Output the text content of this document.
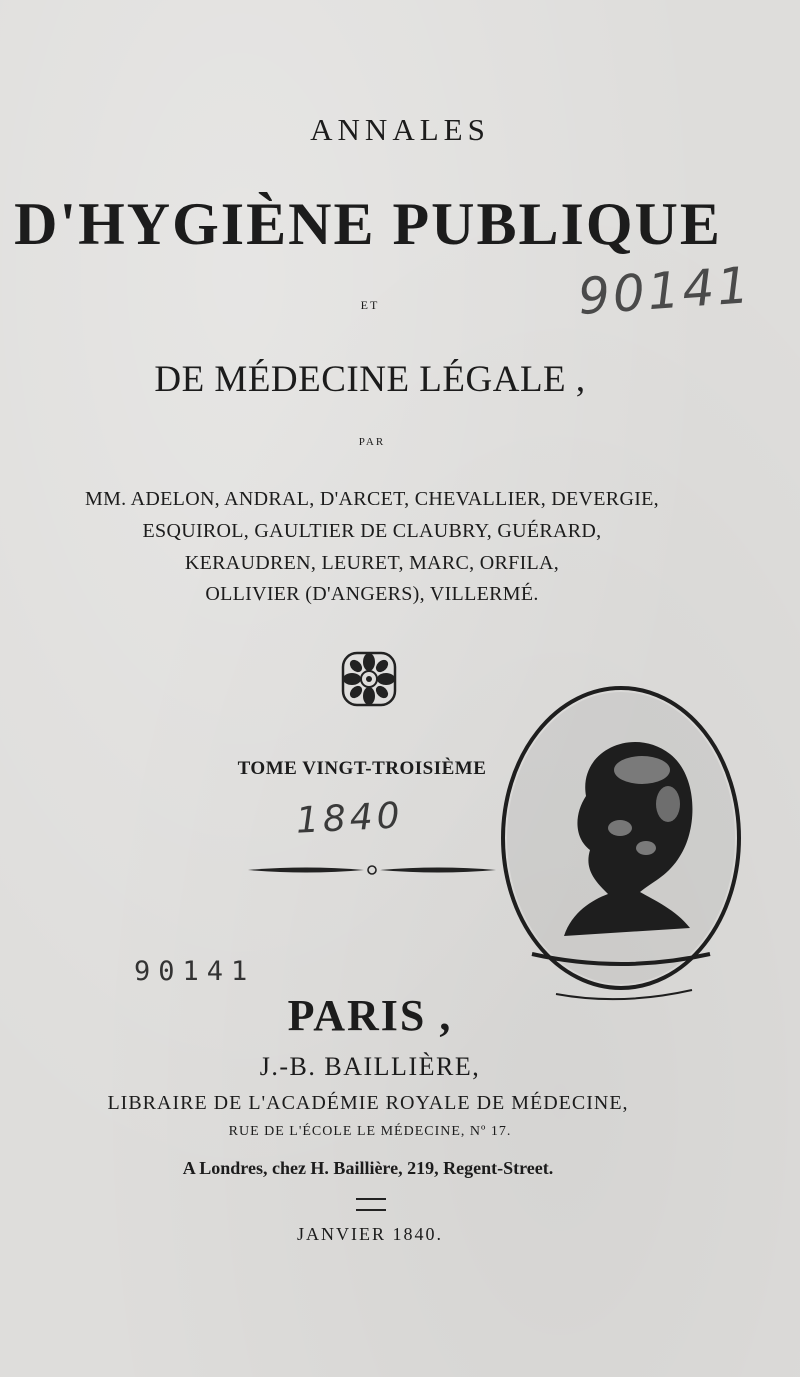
ANNALES
D'HYGIÈNE PUBLIQUE
90141
ET
DE MÉDECINE LÉGALE ,
PAR
MM. ADELON, ANDRAL, D'ARCET, CHEVALLIER, DEVERGIE,
ESQUIROL, GAULTIER DE CLAUBRY, GUÉRARD,
KERAUDREN, LEURET, MARC, ORFILA,
OLLIVIER (D'ANGERS), VILLERMÉ.
TOME VINGT-TROISIÈME
1840
90141
PARIS ,
J.-B. BAILLIÈRE,
LIBRAIRE DE L'ACADÉMIE ROYALE DE MÉDECINE,
RUE DE L'ÉCOLE LE MÉDECINE, Nº 17.
A Londres, chez H. Baillière, 219, Regent-Street.
JANVIER 1840.
